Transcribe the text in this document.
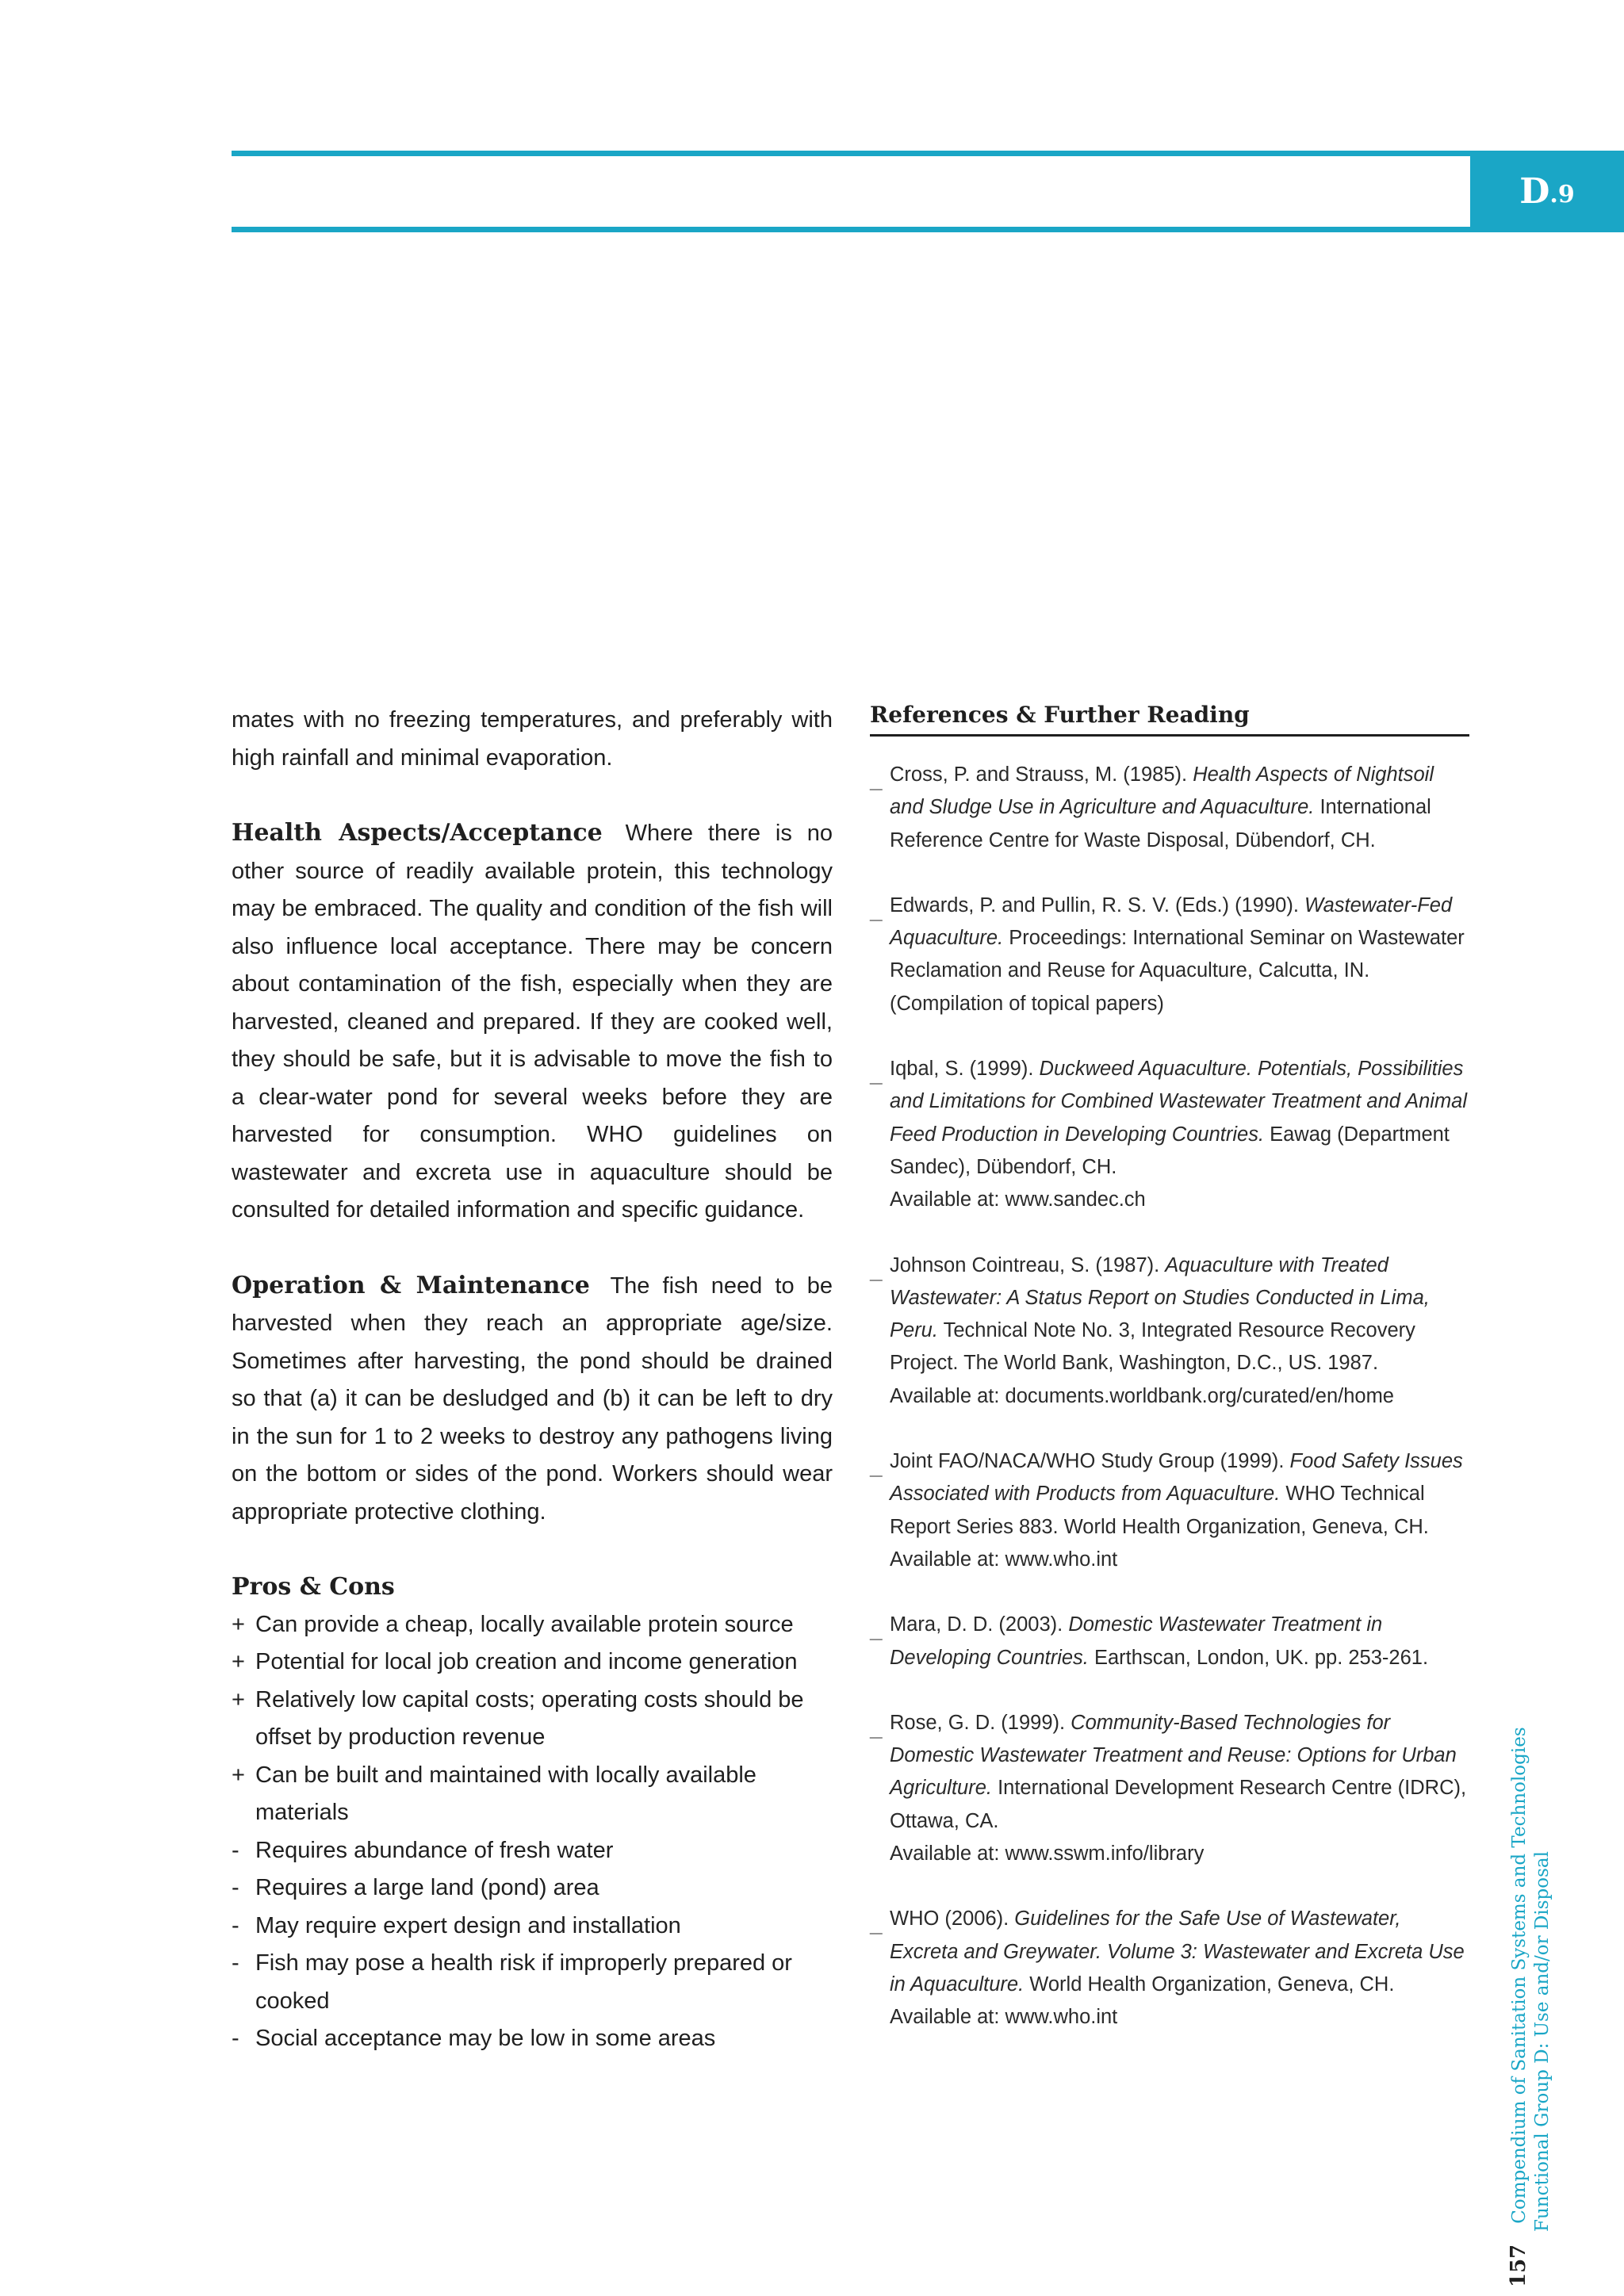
D .9

mates with no freezing temperatures, and preferably with high rainfall and minimal evaporation.

Health Aspects/Acceptance Where there is no other source of readily available protein, this technology may be embraced. The quality and condition of the fish will also influence local acceptance. There may be concern about contamination of the fish, especially when they are harvested, cleaned and prepared. If they are cooked well, they should be safe, but it is advisable to move the fish to a clear-water pond for several weeks before they are harvested for consumption. WHO guidelines on wastewater and excreta use in aquaculture should be consulted for detailed information and specific guidance.

Operation & Maintenance The fish need to be harvested when they reach an appropriate age/size. Sometimes after harvesting, the pond should be drained so that (a) it can be desludged and (b) it can be left to dry in the sun for 1 to 2 weeks to destroy any pathogens living on the bottom or sides of the pond. Workers should wear appropriate protective clothing.

Pros & Cons
+ Can provide a cheap, locally available protein source
+ Potential for local job creation and income generation
+ Relatively low capital costs; operating costs should be offset by production revenue
+ Can be built and maintained with locally available materials
- Requires abundance of fresh water
- Requires a large land (pond) area
- May require expert design and installation
- Fish may pose a health risk if improperly prepared or cooked
- Social acceptance may be low in some areas
References & Further Reading
_ Cross, P. and Strauss, M. (1985). Health Aspects of Nightsoil and Sludge Use in Agriculture and Aquaculture. International Reference Centre for Waste Disposal, Dübendorf, CH.
_ Edwards, P. and Pullin, R. S. V. (Eds.) (1990). Wastewater-Fed Aquaculture. Proceedings: International Seminar on Wastewater Reclamation and Reuse for Aquaculture, Calcutta, IN.
(Compilation of topical papers)
_ Iqbal, S. (1999). Duckweed Aquaculture. Potentials, Possibilities and Limitations for Combined Wastewater Treatment and Animal Feed Production in Developing Countries. Eawag (Department Sandec), Dübendorf, CH.
Available at: www.sandec.ch
_ Johnson Cointreau, S. (1987). Aquaculture with Treated Wastewater: A Status Report on Studies Conducted in Lima, Peru. Technical Note No. 3, Integrated Resource Recovery Project. The World Bank, Washington, D.C., US. 1987.
Available at: documents.worldbank.org/curated/en/home
_ Joint FAO/NACA/WHO Study Group (1999). Food Safety Issues Associated with Products from Aquaculture. WHO Technical Report Series 883. World Health Organization, Geneva, CH.
Available at: www.who.int
_ Mara, D. D. (2003). Domestic Wastewater Treatment in Developing Countries. Earthscan, London, UK. pp. 253-261.
_ Rose, G. D. (1999). Community-Based Technologies for Domestic Wastewater Treatment and Reuse: Options for Urban Agriculture. International Development Research Centre (IDRC), Ottawa, CA.
Available at: www.sswm.info/library
_ WHO (2006). Guidelines for the Safe Use of Wastewater, Excreta and Greywater. Volume 3: Wastewater and Excreta Use in Aquaculture. World Health Organization, Geneva, CH.
Available at: www.who.int
157Compendium of Sanitation Systems and Technologies Functional Group D: Use and/or Disposal
